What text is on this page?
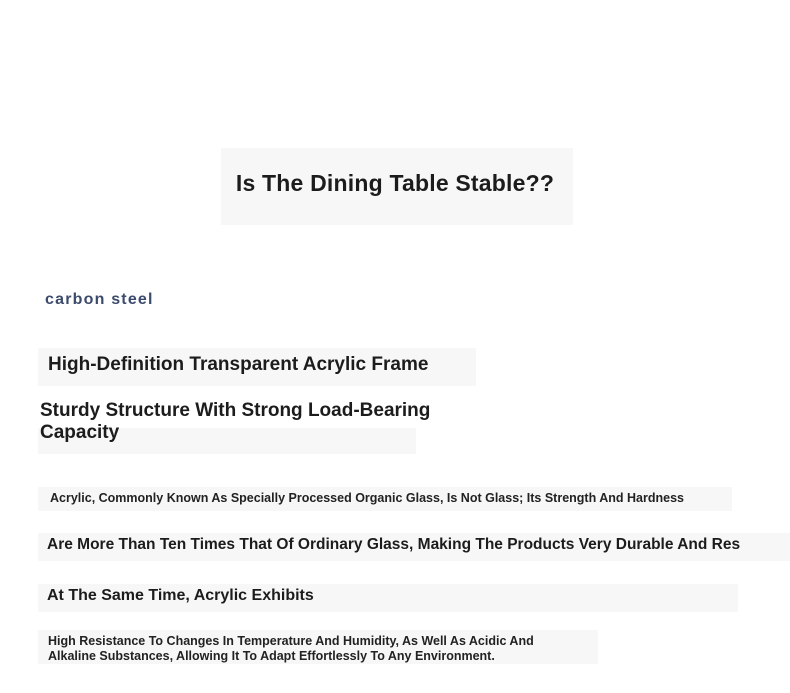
Is The Dining Table Stable??
carbon steel
High-Definition Transparent Acrylic Frame
Sturdy Structure With Strong Load-Bearing Capacity
Acrylic, Commonly Known As Specially Processed Organic Glass, Is Not Glass; Its Strength And Hardness
Are More Than Ten Times That Of Ordinary Glass, Making The Products Very Durable And Res
At The Same Time, Acrylic Exhibits
High Resistance To Changes In Temperature And Humidity, As Well As Acidic And Alkaline Substances, Allowing It To Adapt Effortlessly To Any Environment.
